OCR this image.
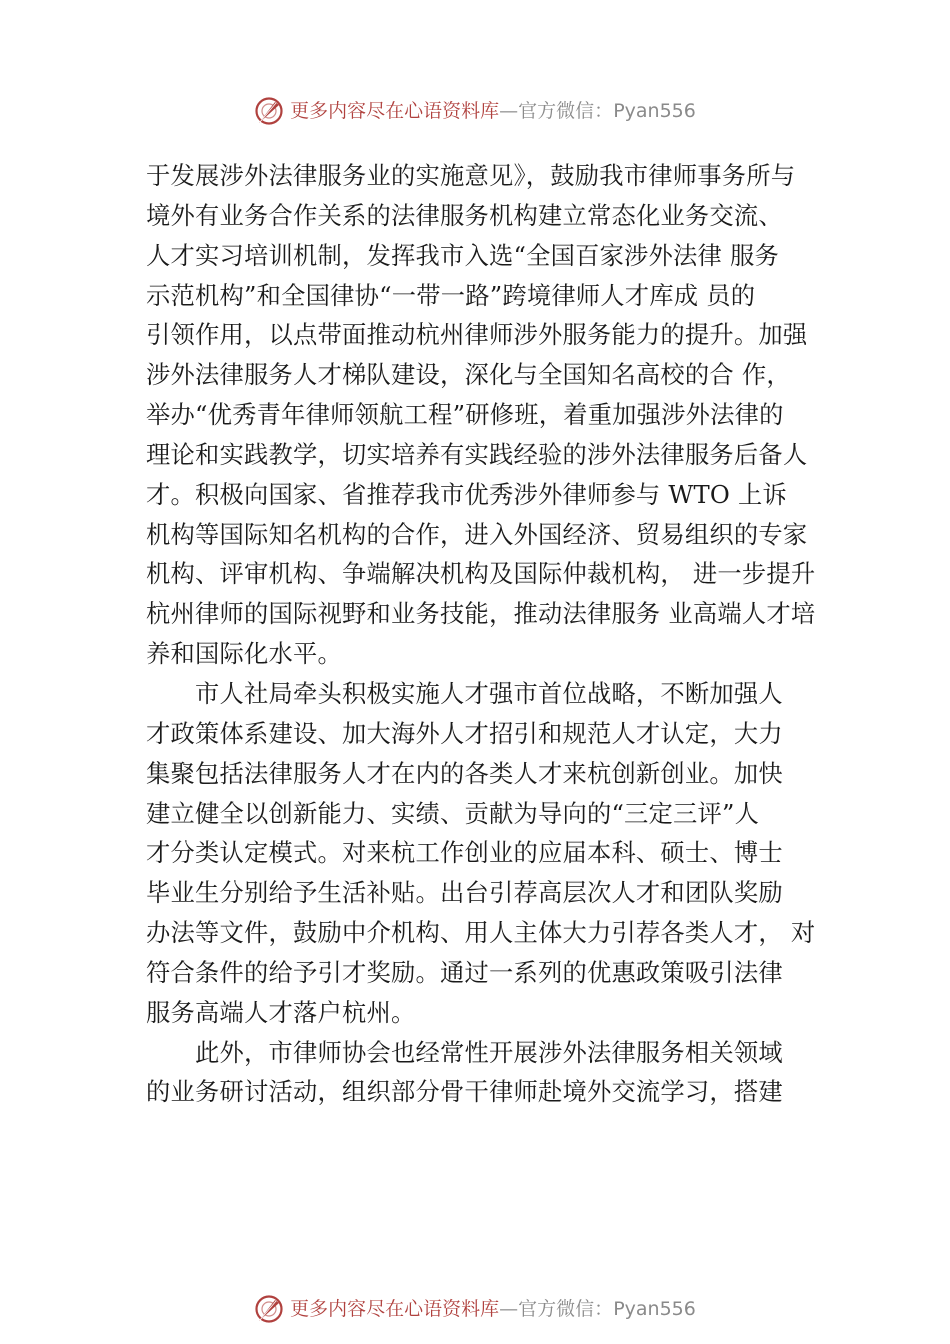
更多内容尽在心语资料库 — 官方微信： Pyan556
于发展涉外法律服务业的实施意见》，鼓励我市律师事务所与
境外有业务合作关系的法律服务机构建立常态化业务交流、
人才实习培训机制，发挥我市入选“全国百家涉外法律 服务
示范机构”和全国律协“一带一路”跨境律师人才库成 员的
引领作用，以点带面推动杭州律师涉外服务能力的提升。加强
涉外法律服务人才梯队建设，深化与全国知名高校的合 作，
举办“优秀青年律师领航工程”研修班，着重加强涉外法律的
理论和实践教学，切实培养有实践经验的涉外法律服务后备人
才。积极向国家、省推荐我市优秀涉外律师参与 WTO 上诉
机构等国际知名机构的合作，进入外国经济、贸易组织的专家
机构、评审机构、争端解决机构及国际仲裁机构， 进一步提升
杭州律师的国际视野和业务技能，推动法律服务 业高端人才培
养和国际化水平。
　　市人社局牵头积极实施人才强市首位战略，不断加强人
才政策体系建设、加大海外人才招引和规范人才认定，大力
集聚包括法律服务人才在内的各类人才来杭创新创业。加快
建立健全以创新能力、实绩、贡献为导向的“三定三评”人
才分类认定模式。对来杭工作创业的应届本科、硕士、博士
毕业生分别给予生活补贴。出台引荐高层次人才和团队奖励
办法等文件，鼓励中介机构、用人主体大力引荐各类人才， 对
符合条件的给予引才奖励。通过一系列的优惠政策吸引法律
服务高端人才落户杭州。
　　此外，市律师协会也经常性开展涉外法律服务相关领域
的业务研讨活动，组织部分骨干律师赴境外交流学习，搭建
更多内容尽在心语资料库 — 官方微信： Pyan556
